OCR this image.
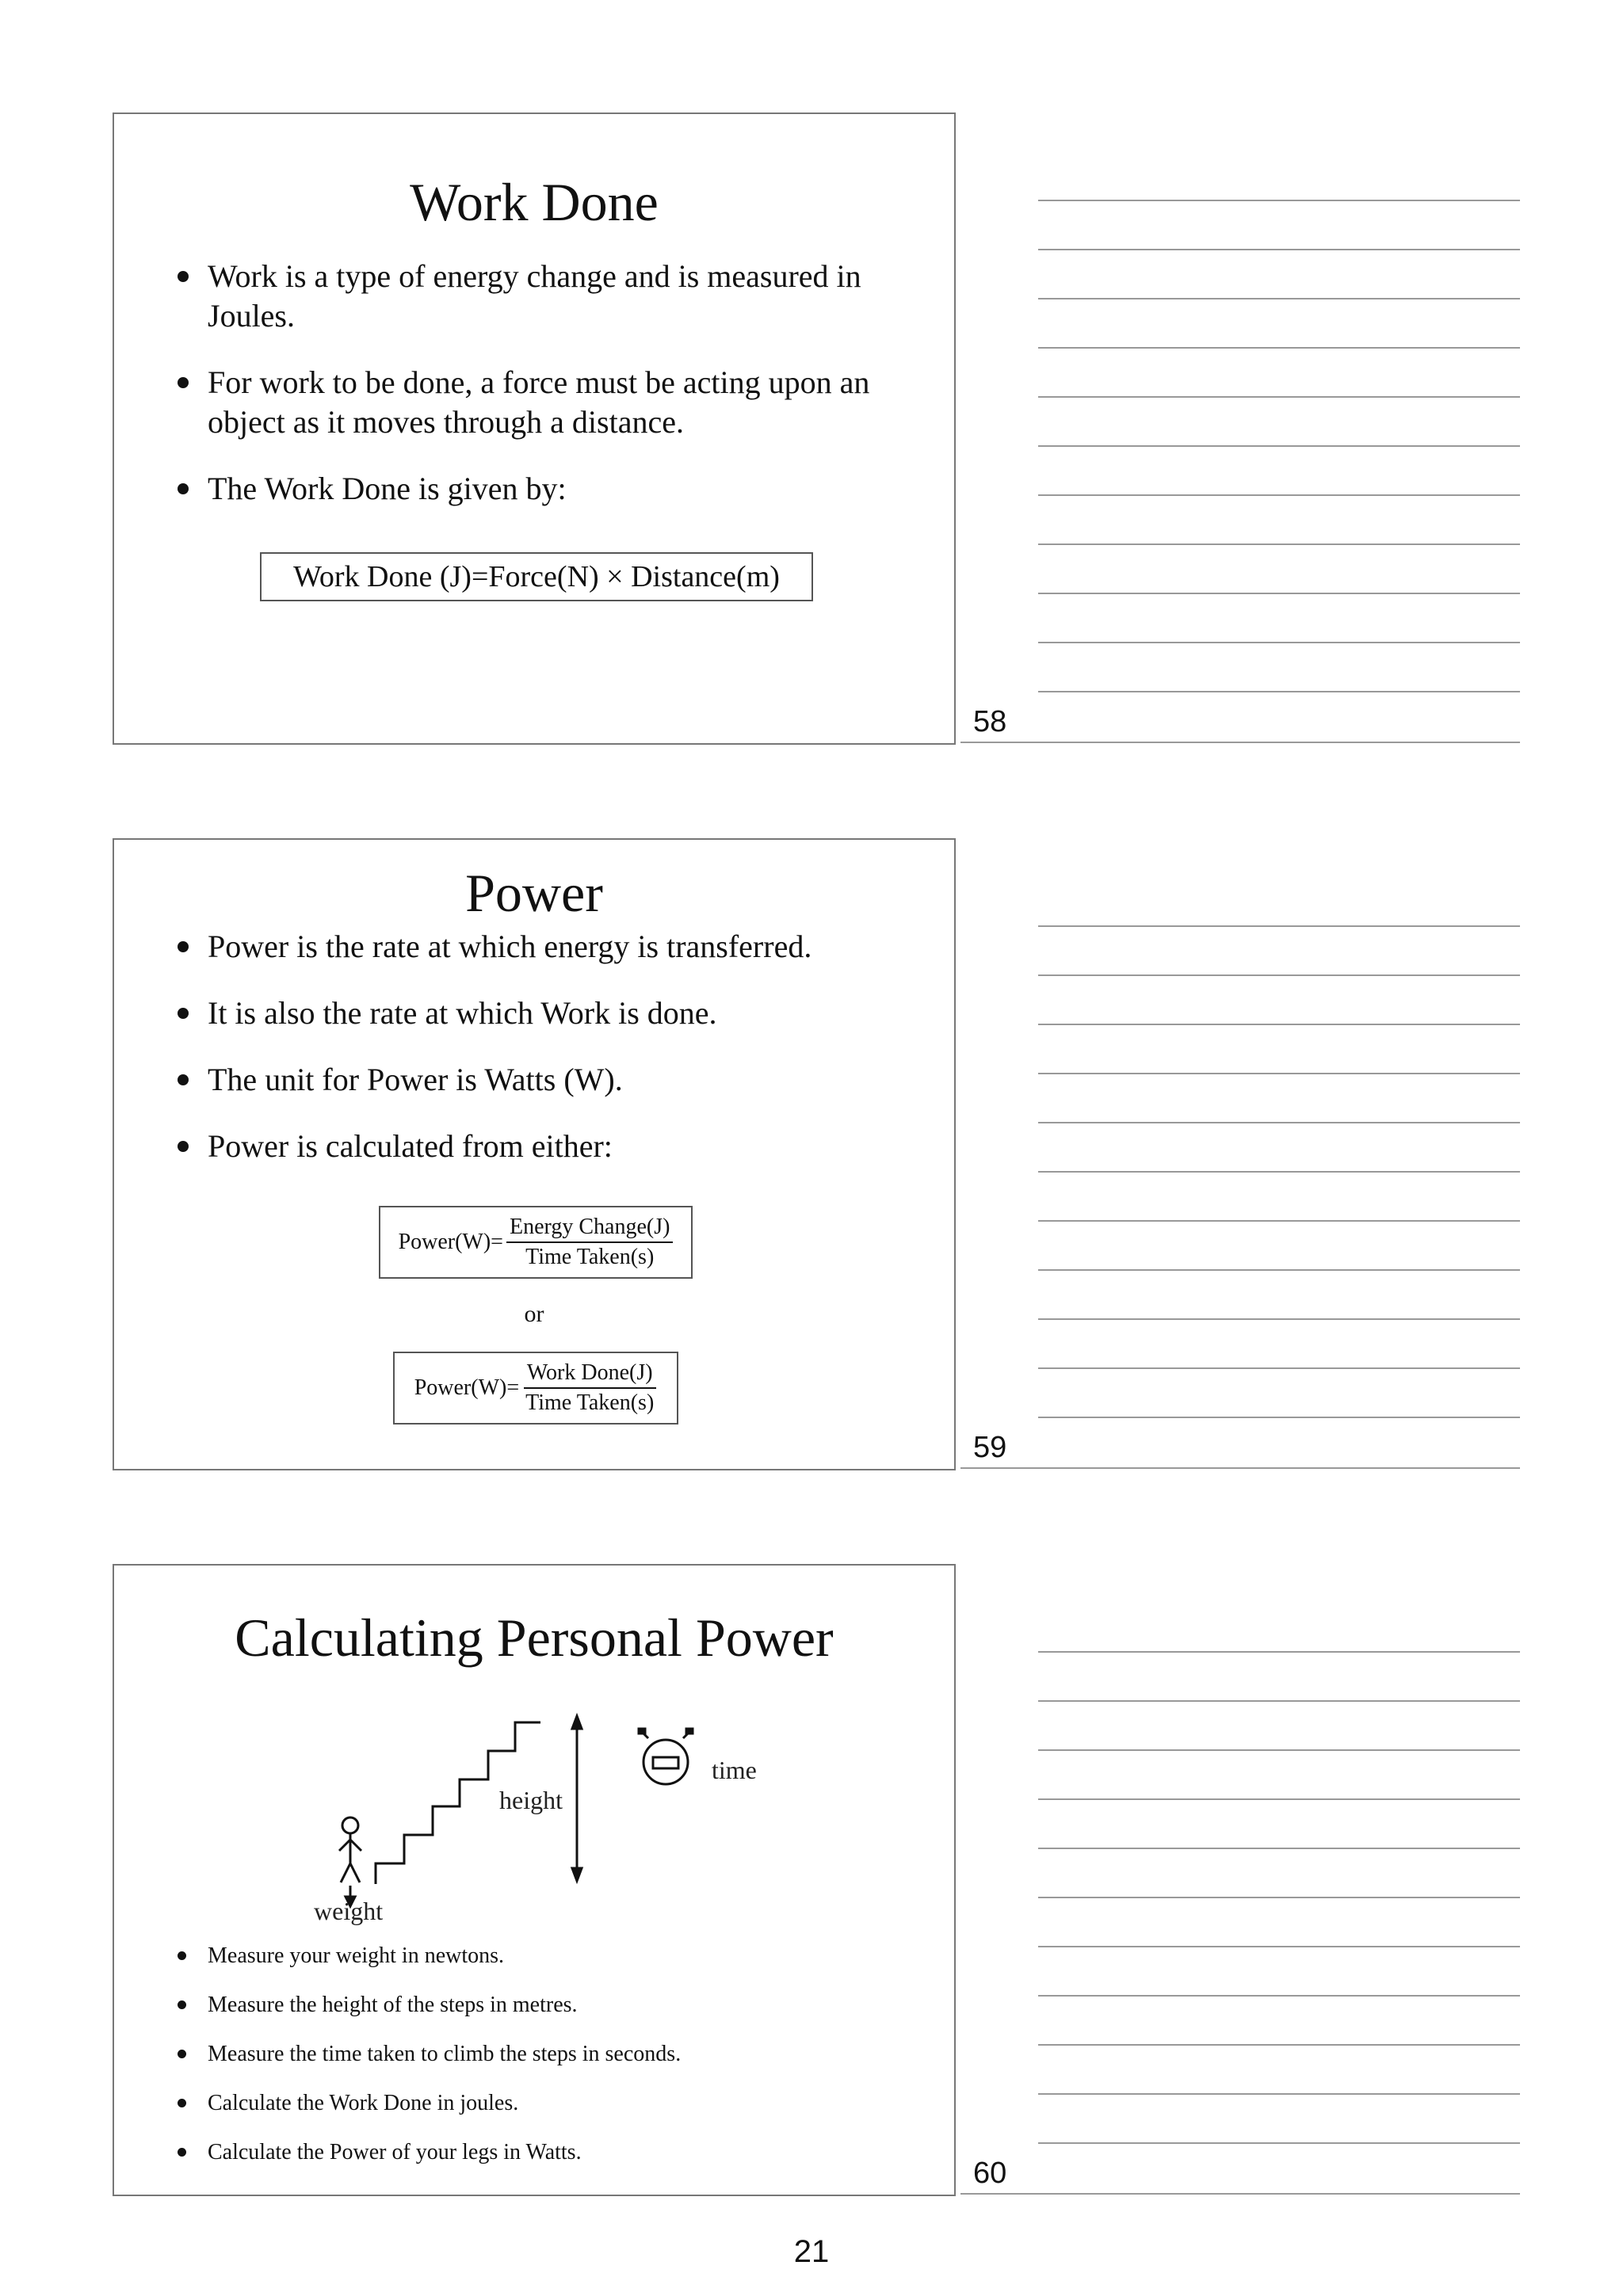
Work Done
Work is a type of energy change and is measured in Joules.
For work to be done, a force must be acting upon an object as it moves through a distance.
The Work Done is given by:
Work Done (J)=Force(N) × Distance(m)
58
Power
Power is the rate at which energy is transferred.
It is also the rate at which Work is done.
The unit for Power is Watts (W).
Power is calculated from either:
Power(W)= $\frac{\text{Energy Change(J)}}{\text{Time Taken(s)}}$
or
Power(W)= $\frac{\text{Work Done(J)}}{\text{Time Taken(s)}}$
59
Calculating Personal Power
height
time
weight
Measure your weight in newtons.
Measure the height of the steps in metres.
Measure the time taken to climb the steps in seconds.
Calculate the Work Done in joules.
Calculate the Power of your legs in Watts.
60
21
